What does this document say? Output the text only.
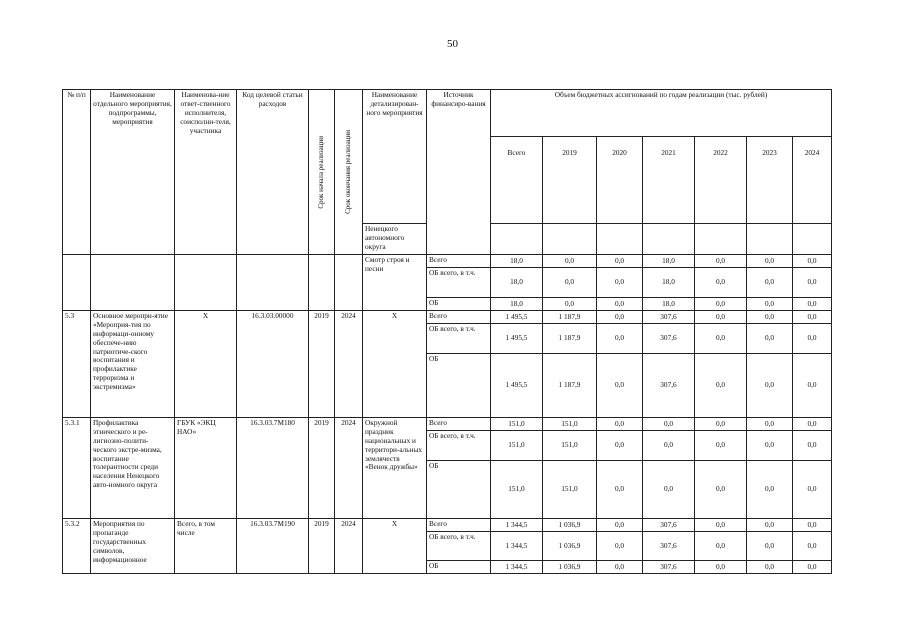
50
№ п/п	Наименование отдельного мероприятия, подпрограммы, мероприятия	Наименова-ние ответ-ственного исполнителя, соисполни-теля, участника	Код целевой статьи расходов	Срок начала реализации	Срок окончания реализации	Наименование детализирован-ного мероприятия	Источник финансиро-вания	Объем бюджетных ассигнований по годам реализации (тыс. рублей)						
								Всего	2019	2020	2021	2022	2023	2024
						Ненецкого автономного округа								
						Смотр строя и песни	Всего	18,0	0,0	0,0	18,0	0,0	0,0	0,0
							ОБ всего, в т.ч.	18,0	0,0	0,0	18,0	0,0	0,0	0,0
							ОБ	18,0	0,0	0,0	18,0	0,0	0,0	0,0
5.3	Основное меропри-ятие «Мероприя-тия по информаци-онному обеспече-нию патриотиче-ского воспитания и профилактике терроризма и экстремизма»	Х	16.3.03.00000	2019	2024	Х	Всего	1 495,5	1 187,9	0,0	307,6	0,0	0,0	0,0
							ОБ всего, в т.ч.	1 495,5	1 187,9	0,0	307,6	0,0	0,0	0,0
							ОБ	1 495,5	1 187,9	0,0	307,6	0,0	0,0	0,0
5.3.1	Профилактика этнического и ре-лигиозно-полити-ческого экстре-мизма, воспитание толерантности среди населения Ненецкого авто-номного округа	ГБУК «ЭКЦ НАО»	16.3.03.7М180	2019	2024	Окружной праздник национальных и территори-альных землячеств «Венок дружбы»	Всего	151,0	151,0	0,0	0,0	0,0	0,0	0,0
							ОБ всего, в т.ч.	151,0	151,0	0,0	0,0	0,0	0,0	0,0
							ОБ	151,0	151,0	0,0	0,0	0,0	0,0	0,0
5.3.2	Мероприятия по пропаганде государственных символов, информационное	Всего, в том числе	16.3.03.7М190	2019	2024	Х	Всего	1 344,5	1 036,9	0,0	307,6	0,0	0,0	0,0
							ОБ всего, в т.ч.	1 344,5	1 036,9	0,0	307,6	0,0	0,0	0,0
							ОБ	1 344,5	1 036,9	0,0	307,6	0,0	0,0	0,0
